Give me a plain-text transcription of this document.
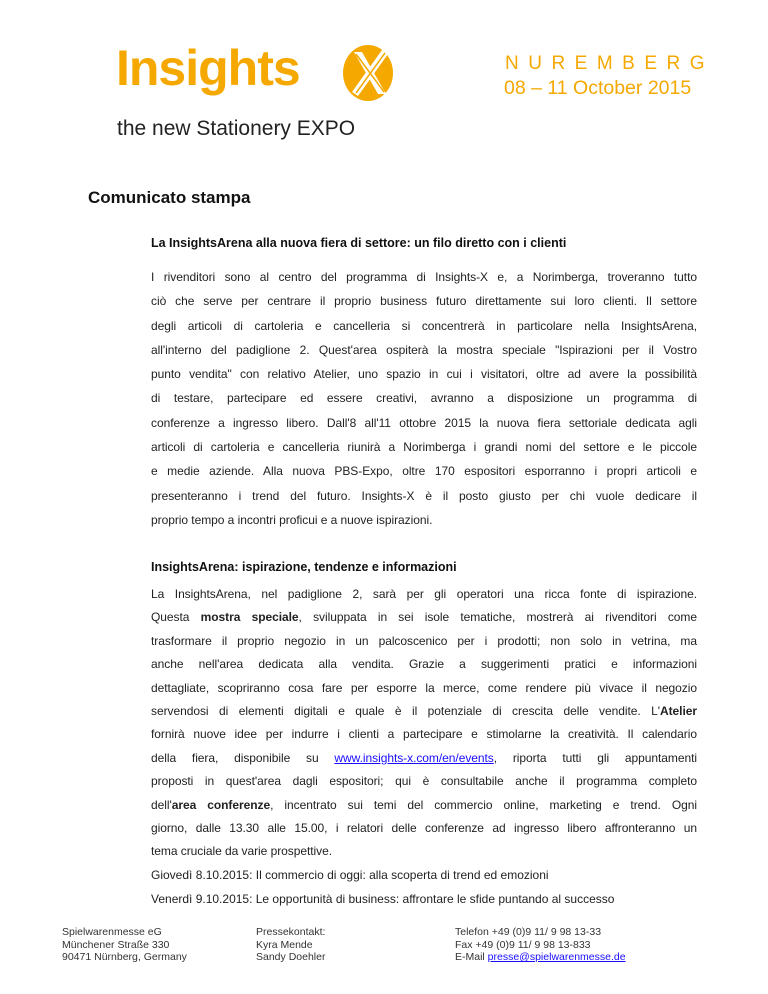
Insights	NUREMBERG
08 – 11 October 2015
the new Stationery EXPO
Comunicato stampa
La InsightsArena alla nuova fiera di settore: un filo diretto con i clienti
I rivenditori sono al centro del programma di Insights-X e, a Norimberga, troveranno tutto
ciò che serve per centrare il proprio business futuro direttamente sui loro clienti. Il settore
degli articoli di cartoleria e cancelleria si concentrerà in particolare nella InsightsArena,
all'interno del padiglione 2. Quest'area ospiterà la mostra speciale "Ispirazioni per il Vostro
punto vendita" con relativo Atelier, uno spazio in cui i visitatori, oltre ad avere la possibilità
di testare, partecipare ed essere creativi, avranno a disposizione un programma di
conferenze a ingresso libero. Dall'8 all'11 ottobre 2015 la nuova fiera settoriale dedicata agli
articoli di cartoleria e cancelleria riunirà a Norimberga i grandi nomi del settore e le piccole
e medie aziende. Alla nuova PBS-Expo, oltre 170 espositori esporranno i propri articoli e
presenteranno i trend del futuro. Insights-X è il posto giusto per chi vuole dedicare il
proprio tempo a incontri proficui e a nuove ispirazioni.
InsightsArena: ispirazione, tendenze e informazioni
La InsightsArena, nel padiglione 2, sarà per gli operatori una ricca fonte di ispirazione.
Questa mostra speciale, sviluppata in sei isole tematiche, mostrerà ai rivenditori come
trasformare il proprio negozio in un palcoscenico per i prodotti; non solo in vetrina, ma
anche nell'area dedicata alla vendita. Grazie a suggerimenti pratici e informazioni
dettagliate, scopriranno cosa fare per esporre la merce, come rendere più vivace il negozio
servendosi di elementi digitali e quale è il potenziale di crescita delle vendite. L'Atelier
fornirà nuove idee per indurre i clienti a partecipare e stimolarne la creatività. Il calendario
della fiera, disponibile su www.insights-x.com/en/events, riporta tutti gli appuntamenti
proposti in quest'area dagli espositori; qui è consultabile anche il programma completo
dell'area conferenze, incentrato sui temi del commercio online, marketing e trend. Ogni
giorno, dalle 13.30 alle 15.00, i relatori delle conferenze ad ingresso libero affronteranno un
tema cruciale da varie prospettive.
Giovedì 8.10.2015: Il commercio di oggi: alla scoperta di trend ed emozioni
Venerdì 9.10.2015: Le opportunità di business: affrontare le sfide puntando al successo
Spielwarenmesse eG
Münchener Straße 330
90471 Nürnberg, Germany
Pressekontakt:
Kyra Mende
Sandy Doehler
Telefon +49 (0)9 11/ 9 98 13-33
Fax +49 (0)9 11/ 9 98 13-833
E-Mail presse@spielwarenmesse.de
